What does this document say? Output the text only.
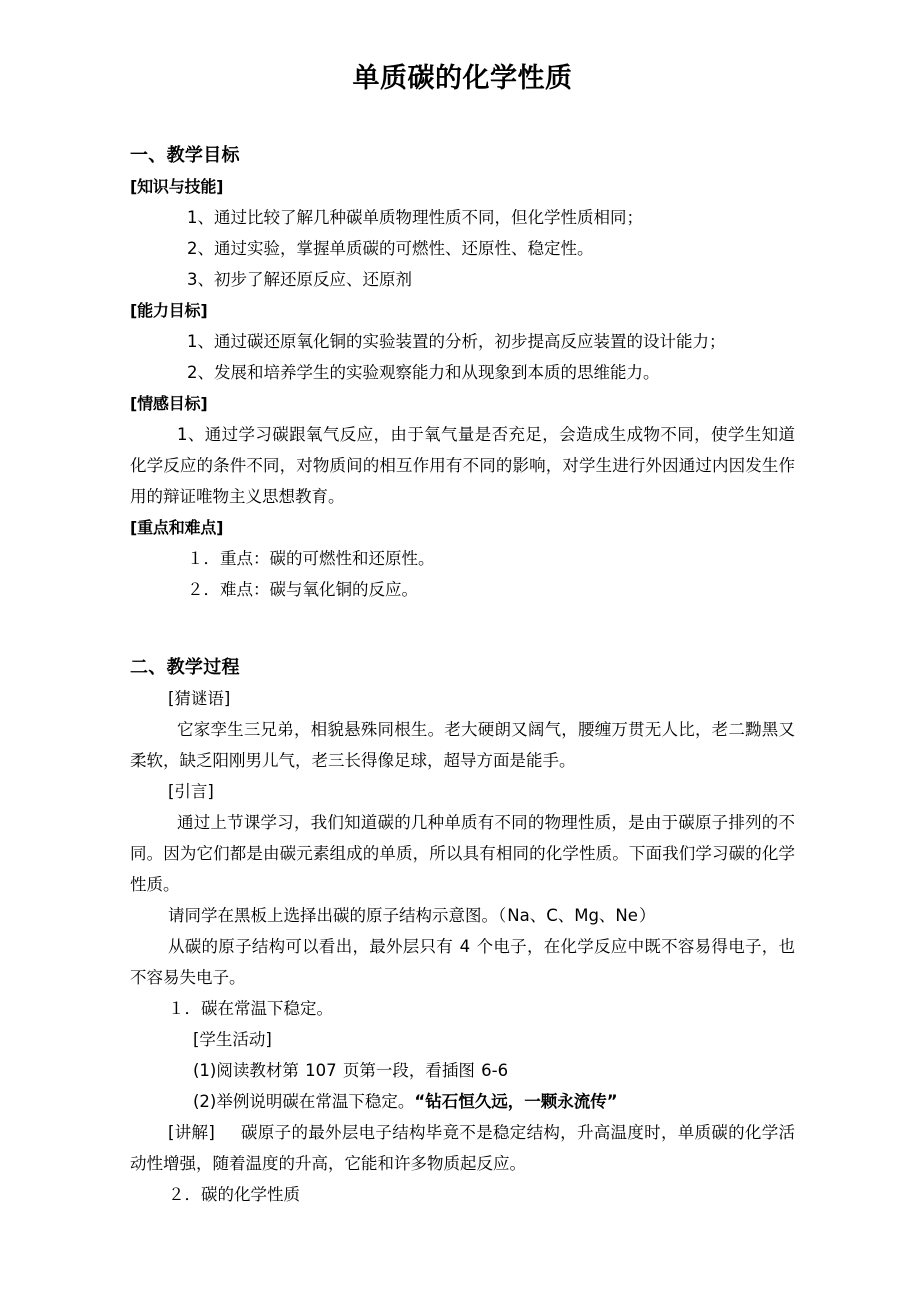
单质碳的化学性质
一、教学目标
[知识与技能]
1、通过比较了解几种碳单质物理性质不同，但化学性质相同；
2、通过实验，掌握单质碳的可燃性、还原性、稳定性。
3、初步了解还原反应、还原剂
[能力目标]
1、通过碳还原氧化铜的实验装置的分析，初步提高反应装置的设计能力；
2、发展和培养学生的实验观察能力和从现象到本质的思维能力。
[情感目标]
1、通过学习碳跟氧气反应，由于氧气量是否充足，会造成生成物不同，使学生知道化学反应的条件不同，对物质间的相互作用有不同的影响，对学生进行外因通过内因发生作用的辩证唯物主义思想教育。
[重点和难点]
１．重点：碳的可燃性和还原性。
２．难点：碳与氧化铜的反应。
二、教学过程
[猜谜语]
它家孪生三兄弟，相貌悬殊同根生。老大硬朗又阔气，腰缠万贯无人比，老二黝黑又柔软，缺乏阳刚男儿气，老三长得像足球，超导方面是能手。
[引言]
通过上节课学习，我们知道碳的几种单质有不同的物理性质，是由于碳原子排列的不同。因为它们都是由碳元素组成的单质，所以具有相同的化学性质。下面我们学习碳的化学性质。
请同学在黑板上选择出碳的原子结构示意图。（Na、C、Mg、Ne）
从碳的原子结构可以看出，最外层只有 4 个电子，在化学反应中既不容易得电子，也不容易失电子。
１．碳在常温下稳定。
[学生活动]
(1)阅读教材第 107 页第一段，看插图 6-6
(2)举例说明碳在常温下稳定。“钻石恒久远，一颗永流传”
[讲解] 碳原子的最外层电子结构毕竟不是稳定结构，升高温度时，单质碳的化学活动性增强，随着温度的升高，它能和许多物质起反应。
２．碳的化学性质
